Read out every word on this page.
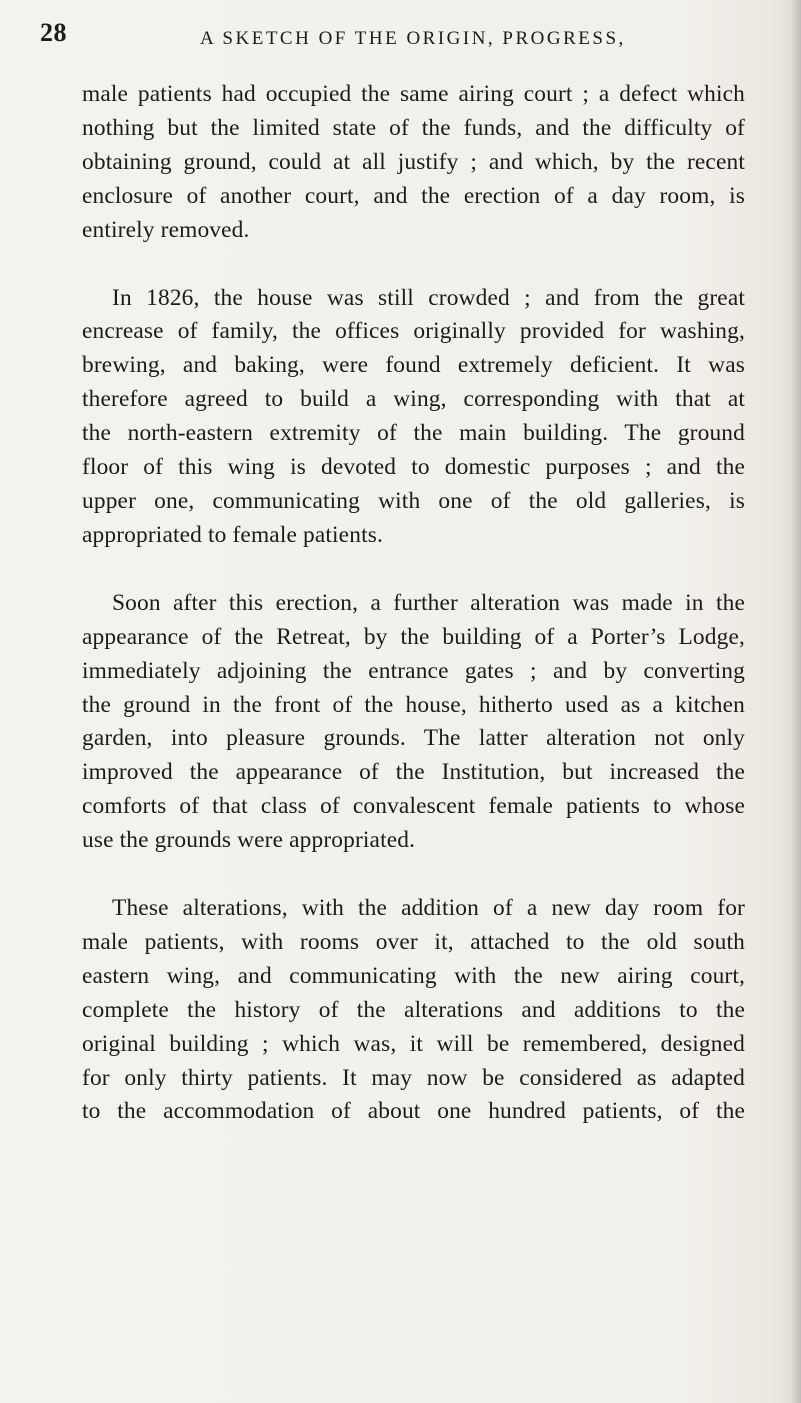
28	A SKETCH OF THE ORIGIN, PROGRESS,

male patients had occupied the same airing court ; a defect which
nothing but the limited state of the funds, and the difficulty of
obtaining ground, could at all justify ; and which, by the recent
enclosure of another court, and the erection of a day room, is
entirely removed.

In 1826, the house was still crowded ; and from the great
encrease of family, the offices originally provided for washing,
brewing, and baking, were found extremely deficient. It was
therefore agreed to build a wing, corresponding with that at
the north-eastern extremity of the main building. The ground
floor of this wing is devoted to domestic purposes ; and the
upper one, communicating with one of the old galleries, is
appropriated to female patients.

Soon after this erection, a further alteration was made in the
appearance of the Retreat, by the building of a Porter’s Lodge,
immediately adjoining the entrance gates ; and by converting
the ground in the front of the house, hitherto used as a kitchen
garden, into pleasure grounds. The latter alteration not only
improved the appearance of the Institution, but increased the
comforts of that class of convalescent female patients to whose
use the grounds were appropriated.

These alterations, with the addition of a new day room for
male patients, with rooms over it, attached to the old south
eastern wing, and communicating with the new airing court,
complete the history of the alterations and additions to the
original building ; which was, it will be remembered, designed
for only thirty patients. It may now be considered as adapted
to the accommodation of about one hundred patients, of the
